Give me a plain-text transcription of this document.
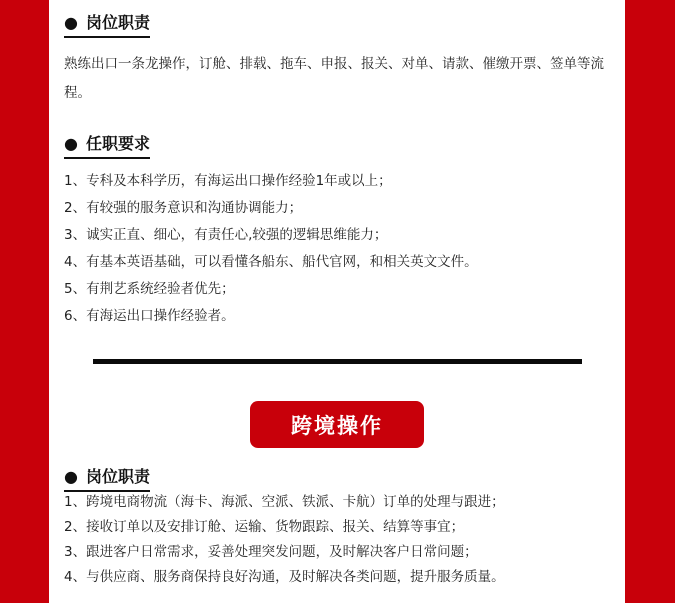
● 岗位职责
熟练出口一条龙操作，订舱、排载、拖车、申报、报关、对单、请款、催缴开票、签单等流程。
● 任职要求
1、专科及本科学历，有海运出口操作经验1年或以上；
2、有较强的服务意识和沟通协调能力；
3、诚实正直、细心，有责任心,较强的逻辑思维能力；
4、有基本英语基础，可以看懂各船东、船代官网，和相关英文文件。
5、有荆艺系统经验者优先；
6、有海运出口操作经验者。
● 岗位职责
1、跨境电商物流（海卡、海派、空派、铁派、卡航）订单的处理与跟进；
2、接收订单以及安排订舱、运输、货物跟踪、报关、结算等事宜；
3、跟进客户日常需求，妥善处理突发问题，及时解决客户日常问题；
4、与供应商、服务商保持良好沟通，及时解决各类问题，提升服务质量。
跨境操作
